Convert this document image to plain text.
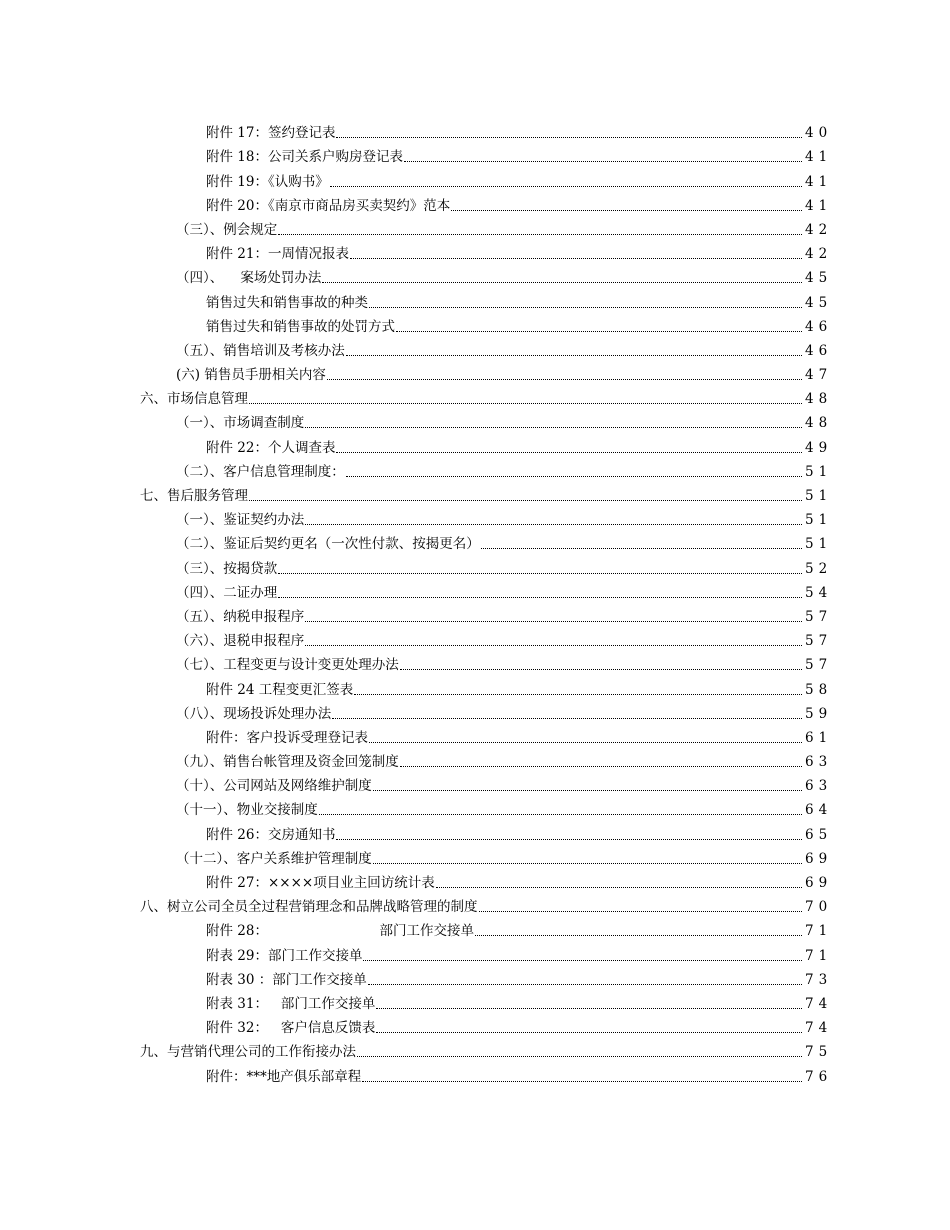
附件 17：签约登记表	40
附件 18：公司关系户购房登记表	41
附件 19：《认购书》	41
附件 20：《南京市商品房买卖契约》范本	41
（三）、例会规定	42
附件 21：一周情况报表	42
（四）、    案场处罚办法	45
销售过失和销售事故的种类	45
销售过失和销售事故的处罚方式	46
（五）、销售培训及考核办法	46
(六) 销售员手册相关内容	47
六、市场信息管理	48
（一）、市场调查制度	48
附件 22：个人调查表	49
（二）、客户信息管理制度：	51
七、售后服务管理	51
（一）、鉴证契约办法	51
（二）、鉴证后契约更名（一次性付款、按揭更名）	51
（三）、按揭贷款	52
（四）、二证办理	54
（五）、纳税申报程序	57
（六）、退税申报程序	57
（七）、工程变更与设计变更处理办法	57
附件 24 工程变更汇签表	58
（八）、现场投诉处理办法	59
附件：客户投诉受理登记表	61
（九）、销售台帐管理及资金回笼制度	63
（十）、公司网站及网络维护制度	63
（十一）、物业交接制度	64
附件 26：交房通知书	65
（十二）、客户关系维护管理制度	69
附件 27：××××项目业主回访统计表	69
八、树立公司全员全过程营销理念和品牌战略管理的制度	70
附件 28：                          部门工作交接单	71
附表 29：部门工作交接单	71
附表 30 ：部门工作交接单	73
附表 31：   部门工作交接单	74
附件 32：   客户信息反馈表	74
九、与营销代理公司的工作衔接办法	75
附件：***地产俱乐部章程	76
